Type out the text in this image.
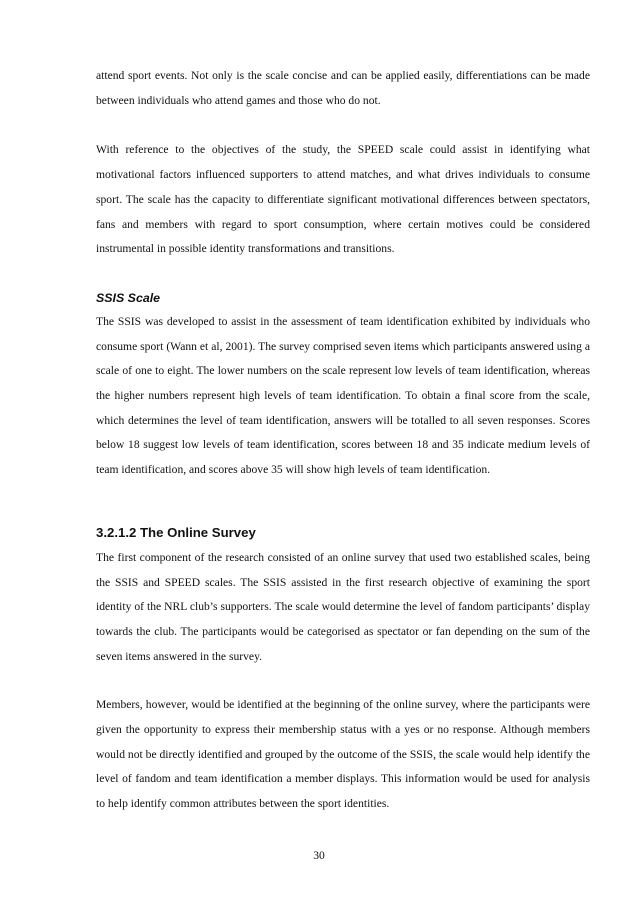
attend sport events. Not only is the scale concise and can be applied easily, differentiations can be made between individuals who attend games and those who do not.

With reference to the objectives of the study, the SPEED scale could assist in identifying what motivational factors influenced supporters to attend matches, and what drives individuals to consume sport. The scale has the capacity to differentiate significant motivational differences between spectators, fans and members with regard to sport consumption, where certain motives could be considered instrumental in possible identity transformations and transitions.

SSIS Scale

The SSIS was developed to assist in the assessment of team identification exhibited by individuals who consume sport (Wann et al, 2001). The survey comprised seven items which participants answered using a scale of one to eight. The lower numbers on the scale represent low levels of team identification, whereas the higher numbers represent high levels of team identification. To obtain a final score from the scale, which determines the level of team identification, answers will be totalled to all seven responses. Scores below 18 suggest low levels of team identification, scores between 18 and 35 indicate medium levels of team identification, and scores above 35 will show high levels of team identification.

3.2.1.2 The Online Survey

The first component of the research consisted of an online survey that used two established scales, being the SSIS and SPEED scales. The SSIS assisted in the first research objective of examining the sport identity of the NRL club’s supporters. The scale would determine the level of fandom participants’ display towards the club. The participants would be categorised as spectator or fan depending on the sum of the seven items answered in the survey.

Members, however, would be identified at the beginning of the online survey, where the participants were given the opportunity to express their membership status with a yes or no response. Although members would not be directly identified and grouped by the outcome of the SSIS, the scale would help identify the level of fandom and team identification a member displays. This information would be used for analysis to help identify common attributes between the sport identities.

30
